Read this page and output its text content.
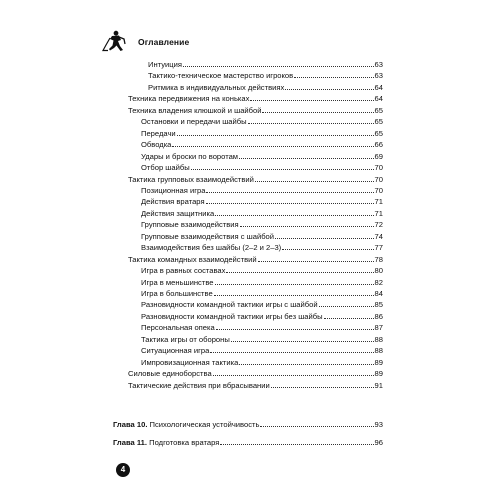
Оглавление
Интуиция	63
Тактико-техническое мастерство игроков	63
Ритмика в индивидуальных действиях	64
Техника передвижения на коньках	64
Техника владения клюшкой и шайбой	65
Остановки и передачи шайбы	65
Передачи	65
Обводка	66
Удары и броски по воротам	69
Отбор шайбы	70
Тактика групповых взаимодействий	70
Позиционная игра	70
Действия вратаря	71
Действия защитника	71
Групповые взаимодействия	72
Групповые взаимодействия с шайбой	74
Взаимодействия без шайбы (2–2 и 2–3)	77
Тактика командных взаимодействий	78
Игра в равных составах	80
Игра в меньшинстве	82
Игра в большинстве	84
Разновидности командной тактики игры с шайбой	85
Разновидности командной тактики игры без шайбы	86
Персональная опека	87
Тактика игры от обороны	88
Ситуационная игра	88
Импровизационная тактика	89
Силовые единоборства	89
Тактические действия при вбрасывании	91
Глава 10. Психологическая устойчивость	93
Глава 11. Подготовка вратаря	96
4
